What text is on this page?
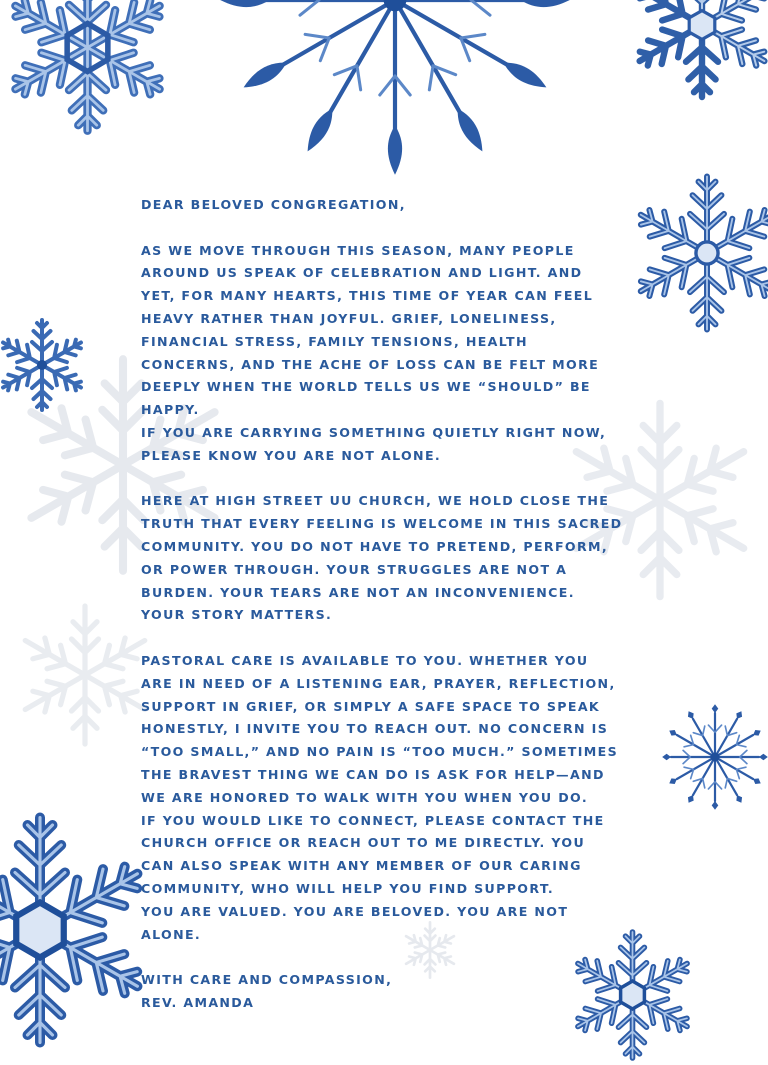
DEAR BELOVED CONGREGATION,

AS WE MOVE THROUGH THIS SEASON, MANY PEOPLE

AROUND US SPEAK OF CELEBRATION AND LIGHT. AND

YET, FOR MANY HEARTS, THIS TIME OF YEAR CAN FEEL

HEAVY RATHER THAN JOYFUL. GRIEF, LONELINESS,

FINANCIAL STRESS, FAMILY TENSIONS, HEALTH

CONCERNS, AND THE ACHE OF LOSS CAN BE FELT MORE

DEEPLY WHEN THE WORLD TELLS US WE “SHOULD” BE

HAPPY.

IF YOU ARE CARRYING SOMETHING QUIETLY RIGHT NOW,

PLEASE KNOW YOU ARE NOT ALONE.

HERE AT HIGH STREET UU CHURCH, WE HOLD CLOSE THE

TRUTH THAT EVERY FEELING IS WELCOME IN THIS SACRED

COMMUNITY. YOU DO NOT HAVE TO PRETEND, PERFORM,

OR POWER THROUGH. YOUR STRUGGLES ARE NOT A

BURDEN. YOUR TEARS ARE NOT AN INCONVENIENCE.

YOUR STORY MATTERS.

PASTORAL CARE IS AVAILABLE TO YOU. WHETHER YOU

ARE IN NEED OF A LISTENING EAR, PRAYER, REFLECTION,

SUPPORT IN GRIEF, OR SIMPLY A SAFE SPACE TO SPEAK

HONESTLY, I INVITE YOU TO REACH OUT. NO CONCERN IS

“TOO SMALL,” AND NO PAIN IS “TOO MUCH.” SOMETIMES

THE BRAVEST THING WE CAN DO IS ASK FOR HELP—AND

WE ARE HONORED TO WALK WITH YOU WHEN YOU DO.

IF YOU WOULD LIKE TO CONNECT, PLEASE CONTACT THE

CHURCH OFFICE OR REACH OUT TO ME DIRECTLY. YOU

CAN ALSO SPEAK WITH ANY MEMBER OF OUR CARING

COMMUNITY, WHO WILL HELP YOU FIND SUPPORT.

YOU ARE VALUED. YOU ARE BELOVED. YOU ARE NOT

ALONE.

WITH CARE AND COMPASSION,

REV. AMANDA
